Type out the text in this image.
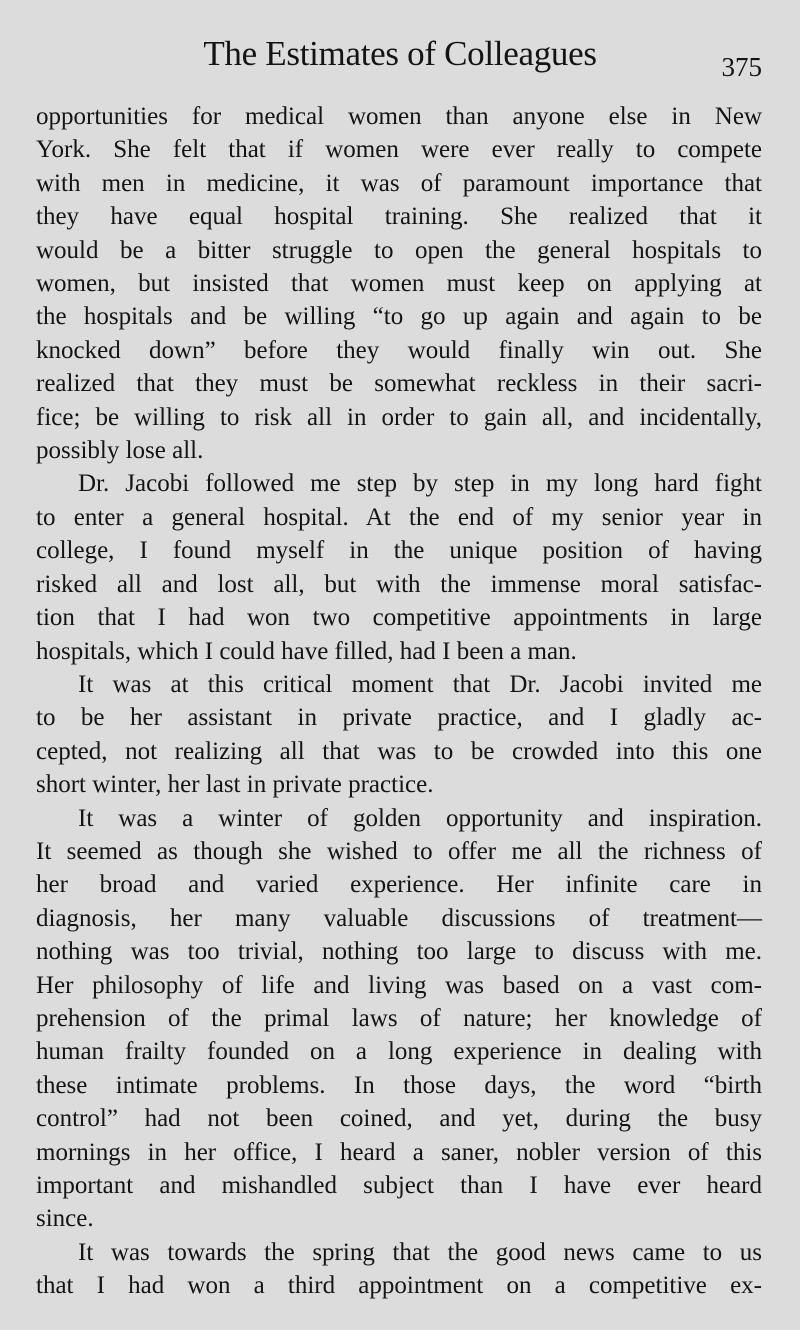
The Estimates of Colleagues	375

opportunities for medical women than anyone else in New
York. She felt that if women were ever really to compete
with men in medicine, it was of paramount importance that
they have equal hospital training. She realized that it
would be a bitter struggle to open the general hospitals to
women, but insisted that women must keep on applying at
the hospitals and be willing “to go up again and again to be
knocked down” before they would finally win out. She
realized that they must be somewhat reckless in their sacri-
fice; be willing to risk all in order to gain all, and incidentally,
possibly lose all.

Dr. Jacobi followed me step by step in my long hard fight
to enter a general hospital. At the end of my senior year in
college, I found myself in the unique position of having
risked all and lost all, but with the immense moral satisfac-
tion that I had won two competitive appointments in large
hospitals, which I could have filled, had I been a man.

It was at this critical moment that Dr. Jacobi invited me
to be her assistant in private practice, and I gladly ac-
cepted, not realizing all that was to be crowded into this one
short winter, her last in private practice.

It was a winter of golden opportunity and inspiration.
It seemed as though she wished to offer me all the richness of
her broad and varied experience. Her infinite care in
diagnosis, her many valuable discussions of treatment—
nothing was too trivial, nothing too large to discuss with me.
Her philosophy of life and living was based on a vast com-
prehension of the primal laws of nature; her knowledge of
human frailty founded on a long experience in dealing with
these intimate problems. In those days, the word “birth
control” had not been coined, and yet, during the busy
mornings in her office, I heard a saner, nobler version of this
important and mishandled subject than I have ever heard
since.

It was towards the spring that the good news came to us
that I had won a third appointment on a competitive ex-
